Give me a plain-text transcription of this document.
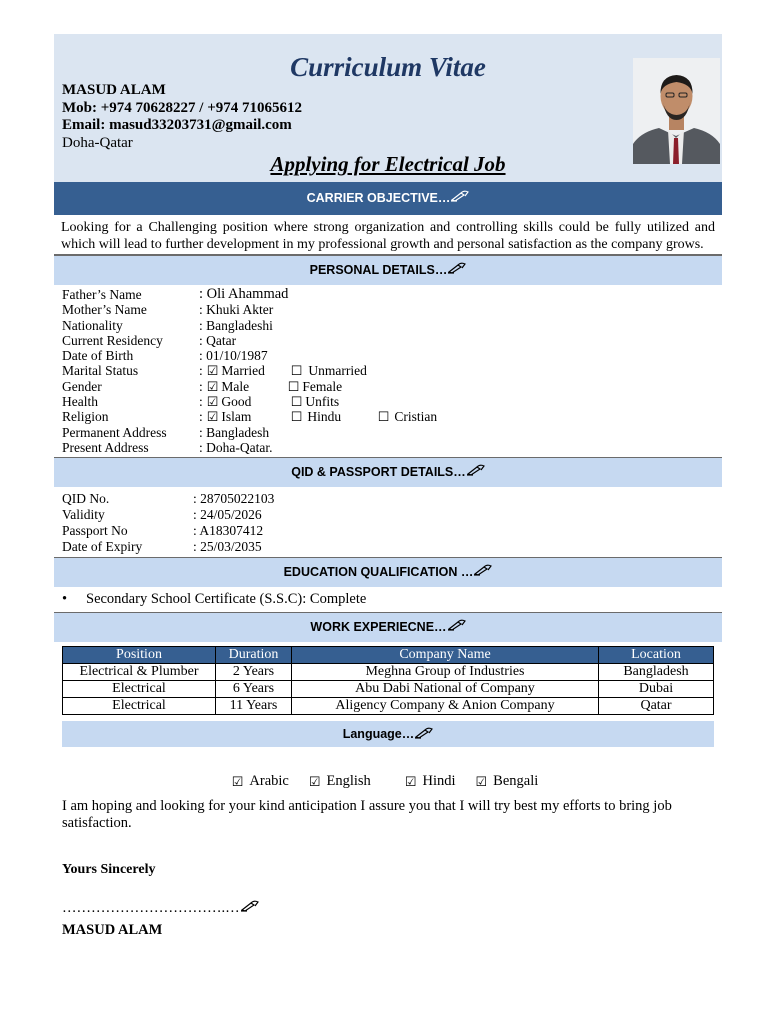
Curriculum Vitae
MASUD ALAM
Mob: +974 70628227 / +974 71065612
Email: masud33203731@gmail.com
Doha-Qatar
Applying for Electrical Job
CARRIER OBJECTIVE…
Looking for a Challenging position where strong organization and controlling skills could be fully utilized and which will lead to further development in my professional growth and personal satisfaction as the company grows.
PERSONAL DETAILS…
Father’s Name	: Oli Ahammad
Mother’s Name	: Khuki Akter
Nationality	: Bangladeshi
Current Residency	: Qatar
Date of Birth	: 01/10/1987
Marital Status	: ☑ Married ☐ Unmarried
Gender	: ☑ Male	☐ Female
Health	: ☑ Good	☐ Unfits
Religion	: ☑ Islam	☐ Hindu	☐ Cristian
Permanent Address	: Bangladesh
Present Address	: Doha-Qatar.
QID & PASSPORT DETAILS…
QID No.	: 28705022103
Validity	: 24/05/2026
Passport No	: A18307412
Date of Expiry	: 25/03/2035
EDUCATION QUALIFICATION …
•	Secondary School Certificate (S.S.C): Complete
WORK EXPERIECNE…
Position	Duration	Company Name	Location
Electrical & Plumber	2 Years	Meghna Group of Industries	Bangladesh
Electrical	6 Years	Abu Dabi National of Company	Dubai
Electrical	11 Years	Aligency Company & Anion Company	Qatar
Language…
☑ Arabic ☑ English	☑ Hindi ☑ Bengali
I am hoping and looking for your kind anticipation I assure you that I will try best my efforts to bring job satisfaction.
Yours Sincerely
…………………………….…
MASUD ALAM
